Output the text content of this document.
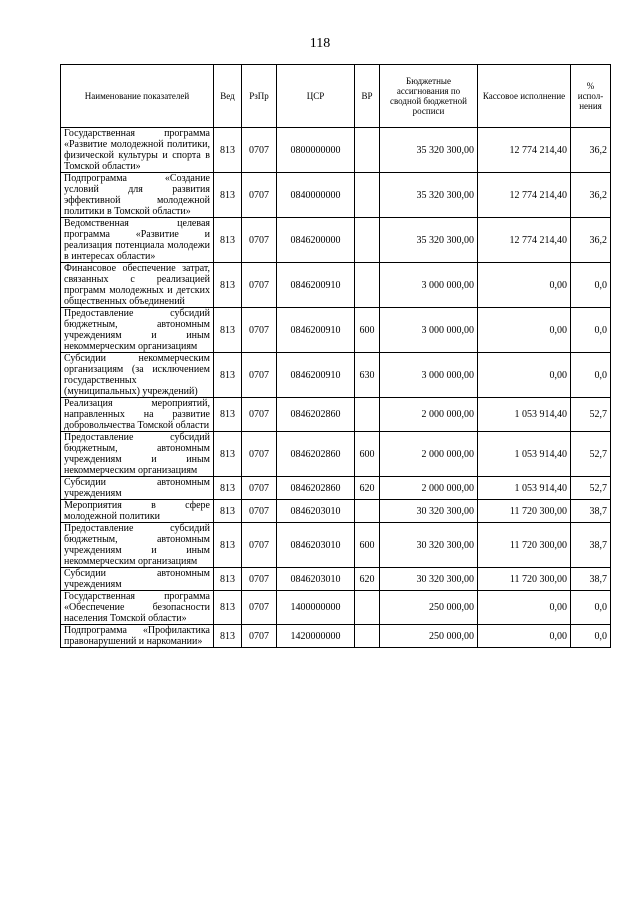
118
Наименование показателей	Вед	РзПр	ЦСР	ВР	Бюджетные ассигнования по сводной бюджетной росписи	Кассовое исполнение	% испол-нения
Государственная программа «Развитие молодежной политики, физической культуры и спорта в Томской области»	813	0707	0800000000		35 320 300,00	12 774 214,40	36,2
Подпрограмма «Создание условий для развития эффективной молодежной политики в Томской области»	813	0707	0840000000		35 320 300,00	12 774 214,40	36,2
Ведомственная целевая программа «Развитие и реализация потенциала молодежи в интересах области»	813	0707	0846200000		35 320 300,00	12 774 214,40	36,2
Финансовое обеспечение затрат, связанных с реализацией программ молодежных и детских общественных объединений	813	0707	0846200910		3 000 000,00	0,00	0,0
Предоставление субсидий бюджетным, автономным учреждениям и иным некоммерческим организациям	813	0707	0846200910	600	3 000 000,00	0,00	0,0
Субсидии некоммерческим организациям (за исключением государственных (муниципальных) учреждений)	813	0707	0846200910	630	3 000 000,00	0,00	0,0
Реализация мероприятий, направленных на развитие добровольчества Томской области	813	0707	0846202860		2 000 000,00	1 053 914,40	52,7
Предоставление субсидий бюджетным, автономным учреждениям и иным некоммерческим организациям	813	0707	0846202860	600	2 000 000,00	1 053 914,40	52,7
Субсидии автономным учреждениям	813	0707	0846202860	620	2 000 000,00	1 053 914,40	52,7
Мероприятия в сфере молодежной политики	813	0707	0846203010		30 320 300,00	11 720 300,00	38,7
Предоставление субсидий бюджетным, автономным учреждениям и иным некоммерческим организациям	813	0707	0846203010	600	30 320 300,00	11 720 300,00	38,7
Субсидии автономным учреждениям	813	0707	0846203010	620	30 320 300,00	11 720 300,00	38,7
Государственная программа «Обеспечение безопасности населения Томской области»	813	0707	1400000000		250 000,00	0,00	0,0
Подпрограмма «Профилактика правонарушений и наркомании»	813	0707	1420000000		250 000,00	0,00	0,0
